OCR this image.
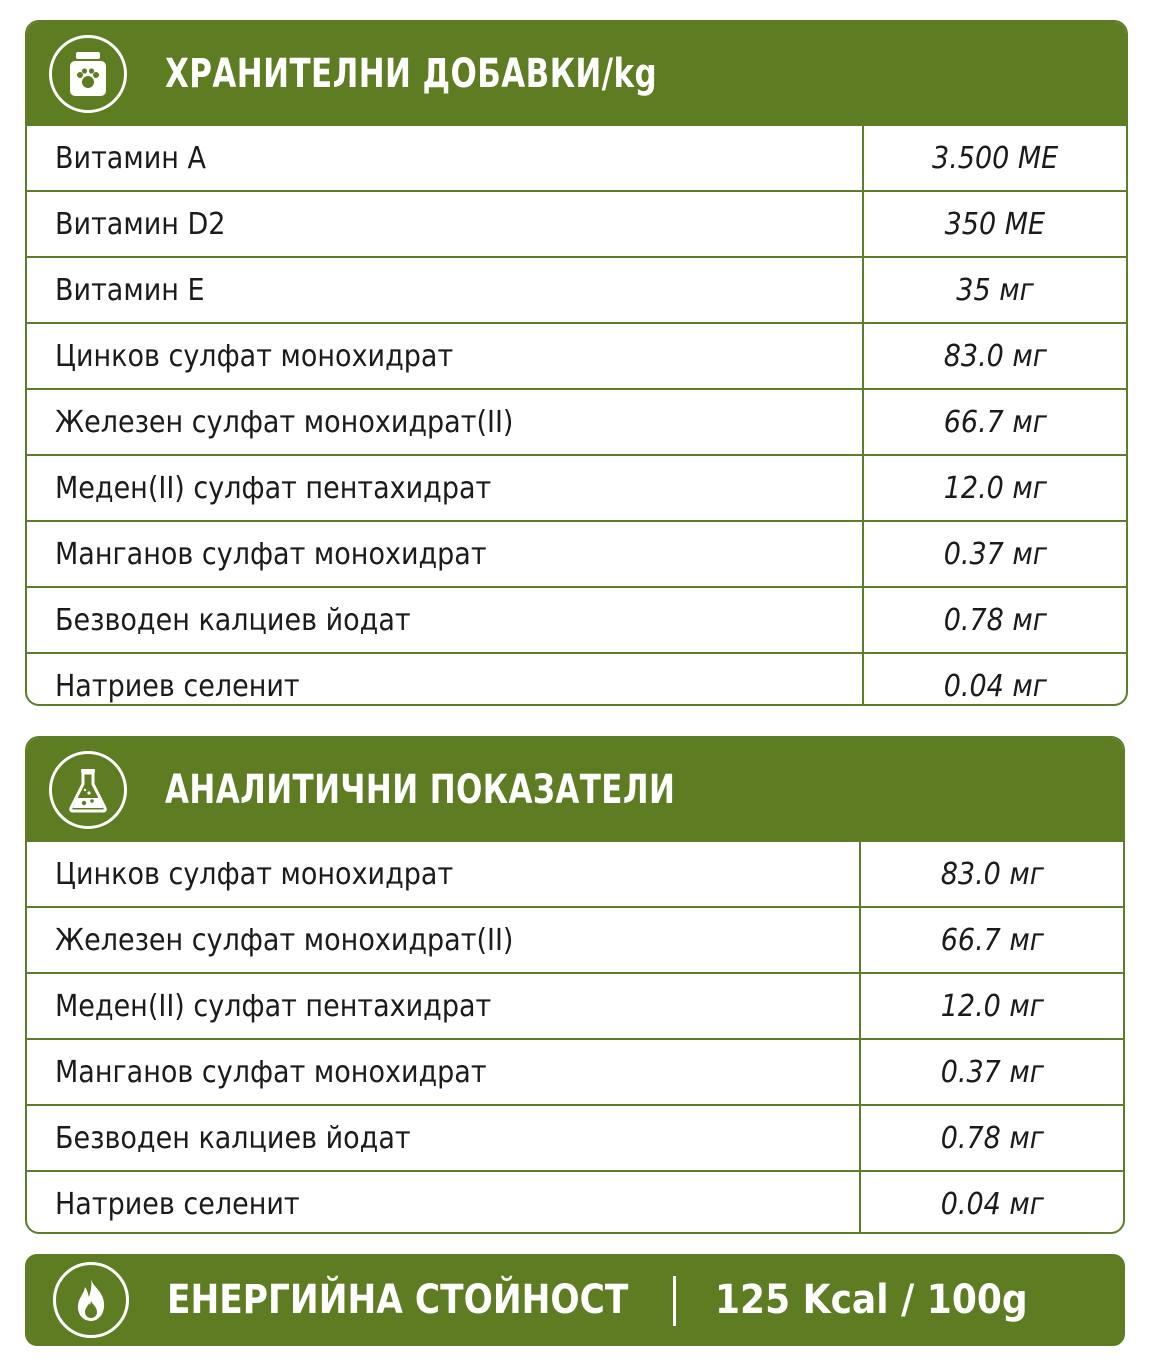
ХРАНИТЕЛНИ ДОБАВКИ/kg
Витамин А	3.500 МЕ
Витамин D2	350 МЕ
Витамин Е	35 мг
Цинков сулфат монохидрат	83.0 мг
Железен сулфат монохидрат(II)	66.7 мг
Меден(II) сулфат пентахидрат	12.0 мг
Манганов сулфат монохидрат	0.37 мг
Безводен калциев йодат	0.78 мг
Натриев селенит	0.04 мг
АНАЛИТИЧНИ ПОКАЗАТЕЛИ
Цинков сулфат монохидрат	83.0 мг
Железен сулфат монохидрат(II)	66.7 мг
Меден(II) сулфат пентахидрат	12.0 мг
Манганов сулфат монохидрат	0.37 мг
Безводен калциев йодат	0.78 мг
Натриев селенит	0.04 мг
ЕНЕРГИЙНА СТОЙНОСТ 125 Kcal / 100g
